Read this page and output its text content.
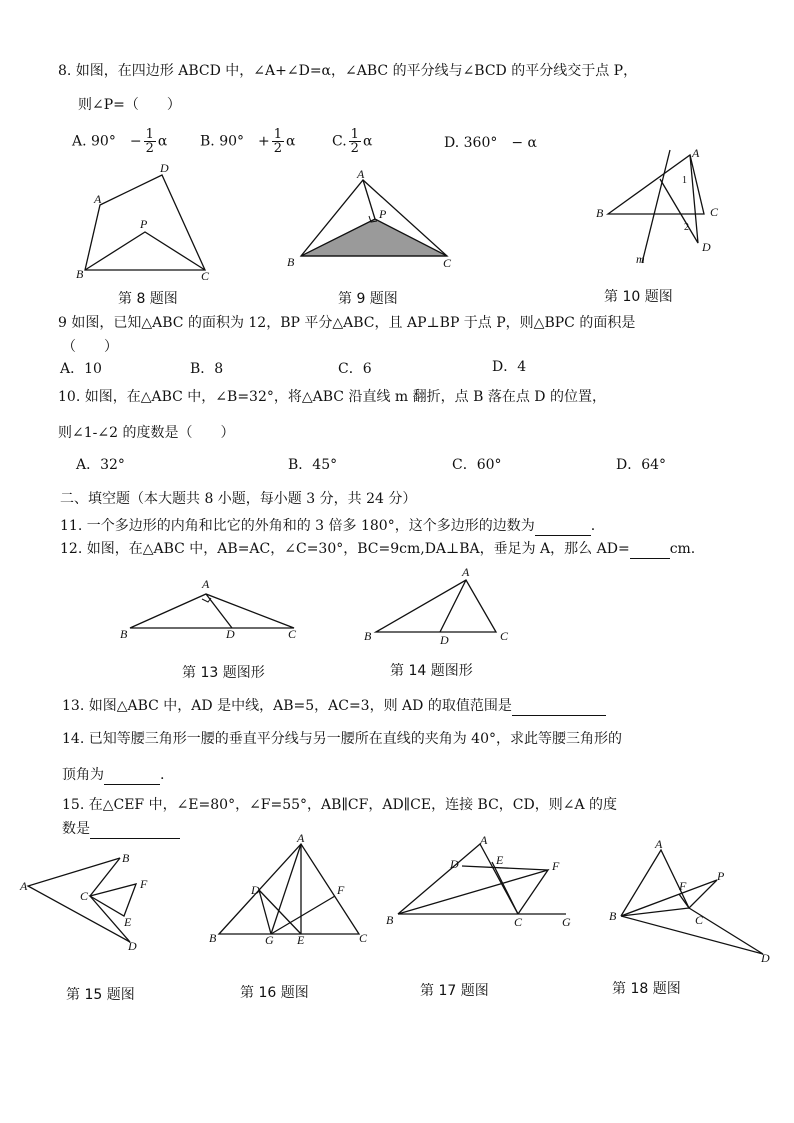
8. 如图，在四边形 ABCD 中，∠A+∠D=α，∠ABC 的平分线与∠BCD 的平分线交于点 P，
则∠P=（　　）
A. 90°　− $\frac{1}{2}$ α B. 90°　+ $\frac{1}{2}$ α	C. $\frac{1}{2}$ α	D. 360°　− α
A
B	C
D
P
第 8 题图
A
B	C
P
第 9 题图
m
A
B	C
D
1
2
第 10 题图
9 如图，已知△ABC 的面积为 12，BP 平分△ABC，且 AP⊥BP 于点 P，则△BPC 的面积是
（　　）
A．10	B．8	C．6	D．4
10. 如图，在△ABC 中，∠B=32°，将△ABC 沿直线 m 翻折，点 B 落在点 D 的位置，
则∠1-∠2 的度数是（　　）
A．32°	B．45°	C．60°	D．64°
二、填空题（本大题共 8 小题，每小题 3 分，共 24 分）
11. 一个多边形的内角和比它的外角和的 3 倍多 180°，这个多边形的边数为	.
12. 如图，在△ABC 中，AB=AC，∠C=30°，BC=9cm,DA⊥BA，垂足为 A，那么 AD=	cm.
A
B	C
D
第 13 题图形
A
B	C
D
第 14 题图形
13. 如图△ABC 中，AD 是中线，AB=5，AC=3，则 AD 的取值范围是
14. 已知等腰三角形一腰的垂直平分线与另一腰所在直线的夹角为 40°，求此等腰三角形的
顶角为	.
15. 在△CEF 中，∠E=80°，∠F=55°，AB∥CF，AD∥CE，连接 BC，CD，则∠A 的度
数是
A
B
C
D
E
F
第 15 题图
A
B	C
D
E
F
G
第 16 题图
A
B	C
D	E	F
G
第 17 题图
A
B	C
D
F
P
第 18 题图
